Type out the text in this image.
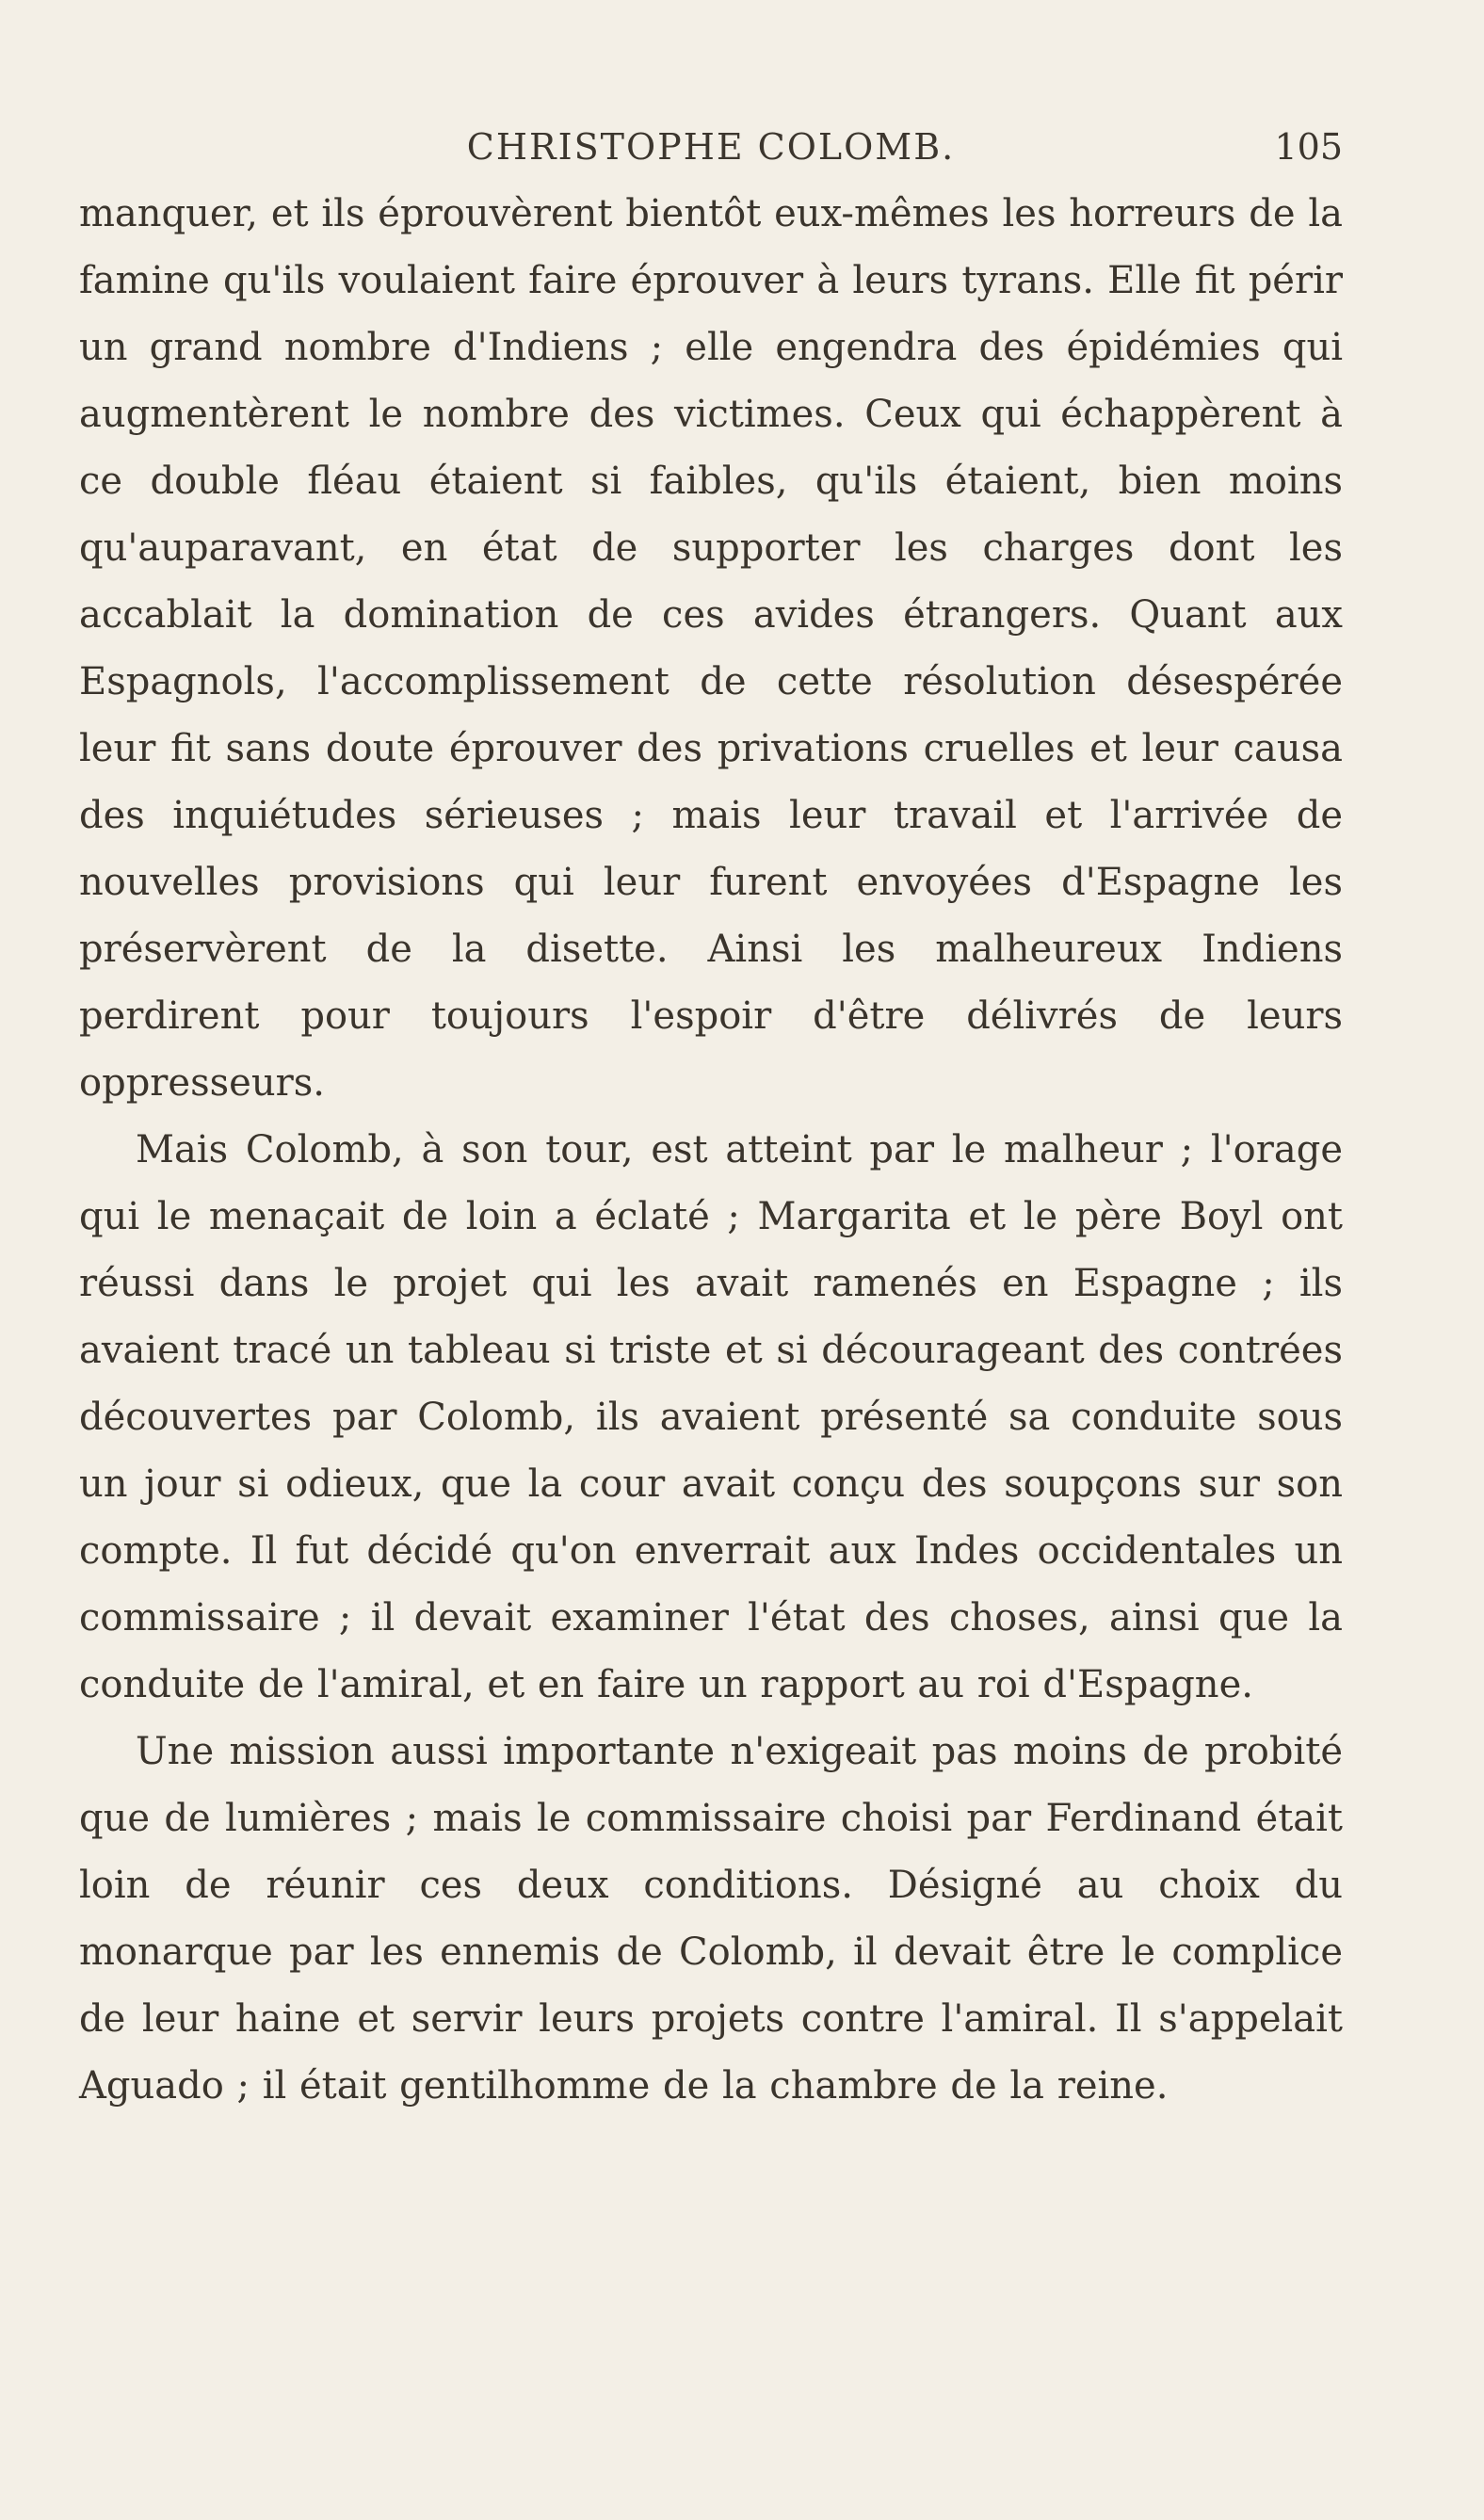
CHRISTOPHE COLOMB.	105

manquer, et ils éprouvèrent bientôt eux-mêmes les horreurs de la famine qu'ils voulaient faire éprouver à leurs tyrans. Elle fit périr un grand nombre d'Indiens ; elle engendra des épidémies qui augmentèrent le nombre des victimes. Ceux qui échappèrent à ce double fléau étaient si faibles, qu'ils étaient, bien moins qu'auparavant, en état de supporter les charges dont les accablait la domination de ces avides étrangers. Quant aux Espagnols, l'accomplissement de cette résolution désespérée leur fit sans doute éprouver des privations cruelles et leur causa des inquiétudes sérieuses ; mais leur travail et l'arrivée de nouvelles provisions qui leur furent envoyées d'Espagne les préservèrent de la disette. Ainsi les malheureux Indiens perdirent pour toujours l'espoir d'être délivrés de leurs oppresseurs.

Mais Colomb, à son tour, est atteint par le malheur ; l'orage qui le menaçait de loin a éclaté ; Margarita et le père Boyl ont réussi dans le projet qui les avait ramenés en Espagne ; ils avaient tracé un tableau si triste et si décourageant des contrées découvertes par Colomb, ils avaient présenté sa conduite sous un jour si odieux, que la cour avait conçu des soupçons sur son compte. Il fut décidé qu'on enverrait aux Indes occidentales un commissaire ; il devait examiner l'état des choses, ainsi que la conduite de l'amiral, et en faire un rapport au roi d'Espagne.

Une mission aussi importante n'exigeait pas moins de probité que de lumières ; mais le commissaire choisi par Ferdinand était loin de réunir ces deux conditions. Désigné au choix du monarque par les ennemis de Colomb, il devait être le complice de leur haine et servir leurs projets contre l'amiral. Il s'appelait Aguado ; il était gentilhomme de la chambre de la reine.
